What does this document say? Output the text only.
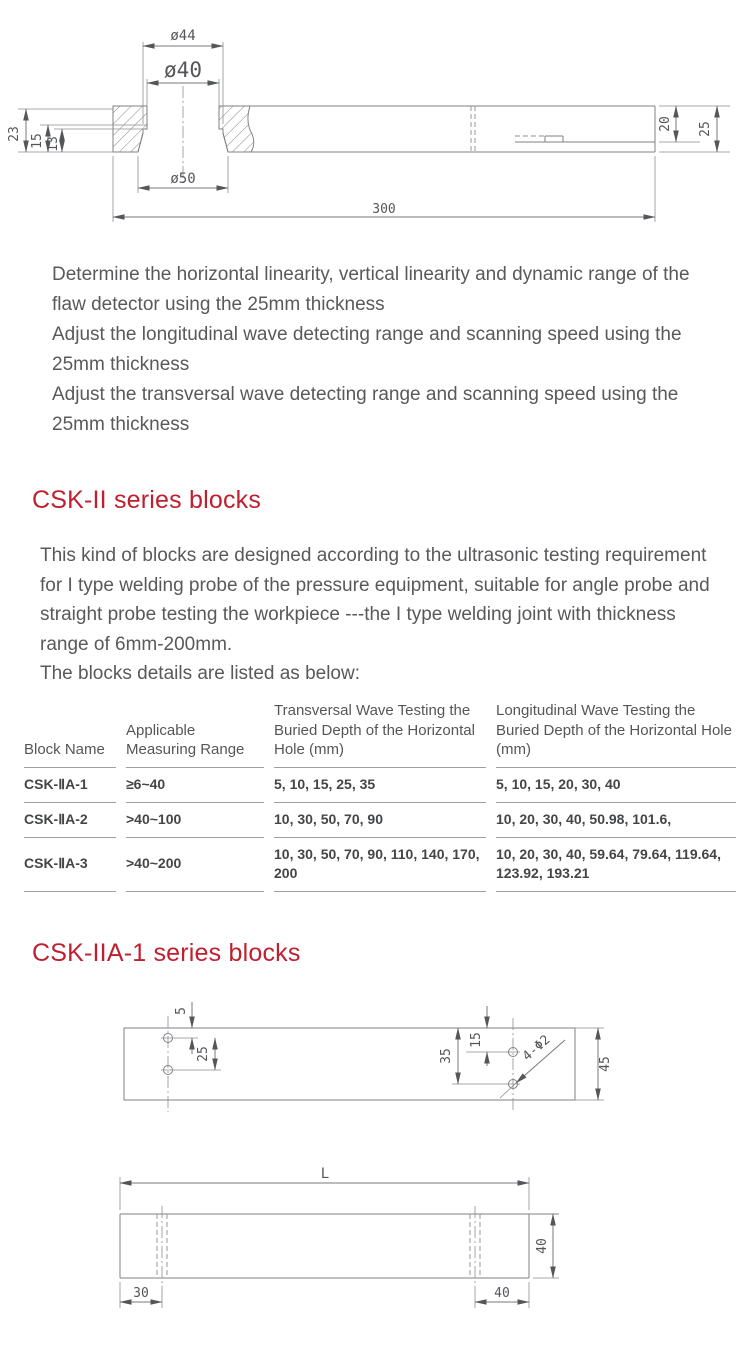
ø44
ø40
ø50
300
23 15 13
20 25

Determine the horizontal linearity, vertical linearity and dynamic range of the flaw detector using the 25mm thickness

Adjust the longitudinal wave detecting range and scanning speed using the 25mm thickness

Adjust the transversal wave detecting range and scanning speed using the 25mm thickness

CSK-II series blocks

This kind of blocks are designed according to the ultrasonic testing requirement for I type welding probe of the pressure equipment, suitable for angle probe and straight probe testing the workpiece ---the I type welding joint with thickness range of 6mm-200mm.

The blocks details are listed as below:

Block Name	Applicable Measuring Range	Transversal Wave Testing the Buried Depth of the Horizontal Hole (mm)	Longitudinal Wave Testing the Buried Depth of the Horizontal Hole (mm)
CSK-ⅡA-1	≥6~40	5, 10, 15, 25, 35	5, 10, 15, 20, 30, 40
CSK-ⅡA-2	>40~100	10, 30, 50, 70, 90	10, 20, 30, 40, 50.98, 101.6,
CSK-ⅡA-3	>40~200	10, 30, 50, 70, 90, 110, 140, 170, 200	10, 20, 30, 40, 59.64, 79.64, 119.64, 123.92, 193.21
CSK-IIA-1 series blocks
5
25	35
15	4-Φ2	45
L
30	40
40
